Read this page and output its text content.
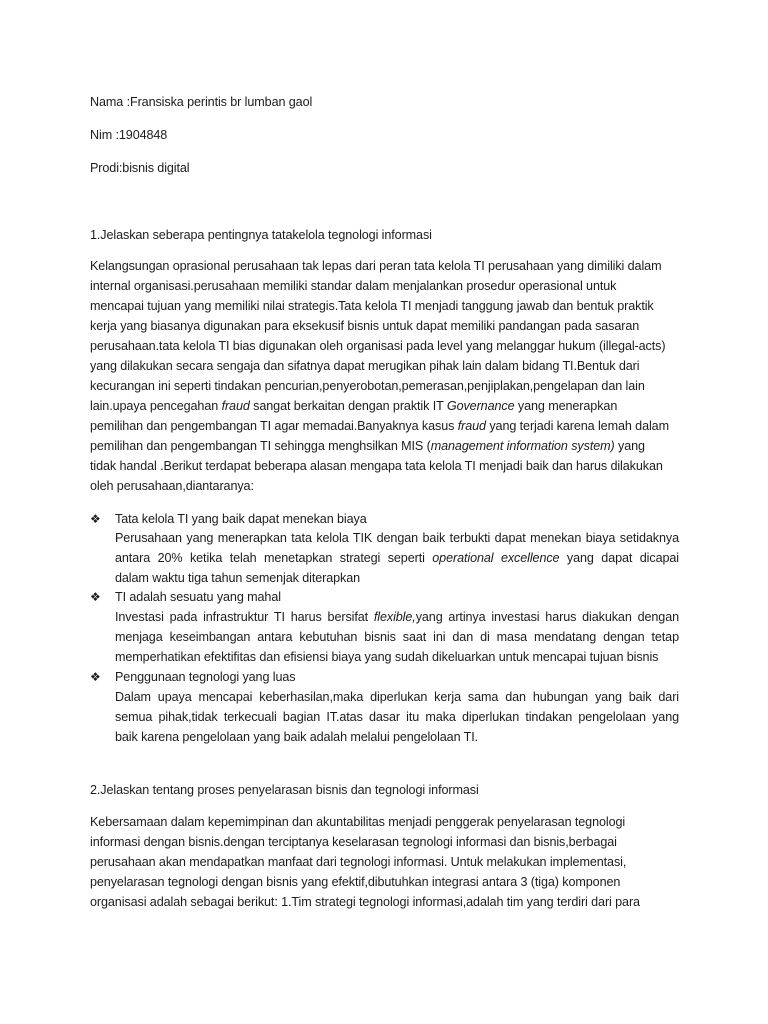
Nama :Fransiska perintis br lumban gaol
Nim :1904848
Prodi:bisnis digital
1.Jelaskan seberapa pentingnya tatakelola tegnologi informasi
Kelangsungan oprasional perusahaan tak lepas dari peran tata kelola TI perusahaan yang dimiliki dalam
internal organisasi.perusahaan memiliki standar dalam menjalankan prosedur operasional untuk
mencapai tujuan yang memiliki nilai strategis.Tata kelola TI menjadi tanggung jawab dan bentuk praktik
kerja yang biasanya digunakan para eksekusif bisnis untuk dapat memiliki pandangan pada sasaran
perusahaan.tata kelola TI bias digunakan oleh organisasi pada level yang melanggar hukum (illegal-acts)
yang dilakukan secara sengaja dan sifatnya dapat merugikan pihak lain dalam bidang TI.Bentuk dari
kecurangan ini seperti tindakan pencurian,penyerobotan,pemerasan,penjiplakan,pengelapan dan lain
lain.upaya pencegahan fraud sangat berkaitan dengan praktik IT Governance yang menerapkan
pemilihan dan pengembangan TI agar memadai.Banyaknya kasus fraud yang terjadi karena lemah dalam
pemilihan dan pengembangan TI sehingga menghsilkan MIS (management information system) yang
tidak handal .Berikut terdapat beberapa alasan mengapa tata kelola TI menjadi baik dan harus dilakukan
oleh perusahaan,diantaranya:
❖ Tata kelola TI yang baik dapat menekan biaya
Perusahaan yang menerapkan tata kelola TIK dengan baik terbukti dapat menekan biaya setidaknya
antara 20% ketika telah menetapkan strategi seperti operational excellence yang dapat dicapai
dalam waktu tiga tahun semenjak diterapkan
❖ TI adalah sesuatu yang mahal
Investasi pada infrastruktur TI harus bersifat flexible,yang artinya investasi harus diakukan dengan
menjaga keseimbangan antara kebutuhan bisnis saat ini dan di masa mendatang dengan tetap
memperhatikan efektifitas dan efisiensi biaya yang sudah dikeluarkan untuk mencapai tujuan bisnis
❖ Penggunaan tegnologi yang luas
Dalam upaya mencapai keberhasilan,maka diperlukan kerja sama dan hubungan yang baik dari
semua pihak,tidak terkecuali bagian IT.atas dasar itu maka diperlukan tindakan pengelolaan yang
baik karena pengelolaan yang baik adalah melalui pengelolaan TI.
2.Jelaskan tentang proses penyelarasan bisnis dan tegnologi informasi
Kebersamaan dalam kepemimpinan dan akuntabilitas menjadi penggerak penyelarasan tegnologi
informasi dengan bisnis.dengan terciptanya keselarasan tegnologi informasi dan bisnis,berbagai
perusahaan akan mendapatkan manfaat dari tegnologi informasi. Untuk melakukan implementasi,
penyelarasan tegnologi dengan bisnis yang efektif,dibutuhkan integrasi antara 3 (tiga) komponen
organisasi adalah sebagai berikut: 1.Tim strategi tegnologi informasi,adalah tim yang terdiri dari para
